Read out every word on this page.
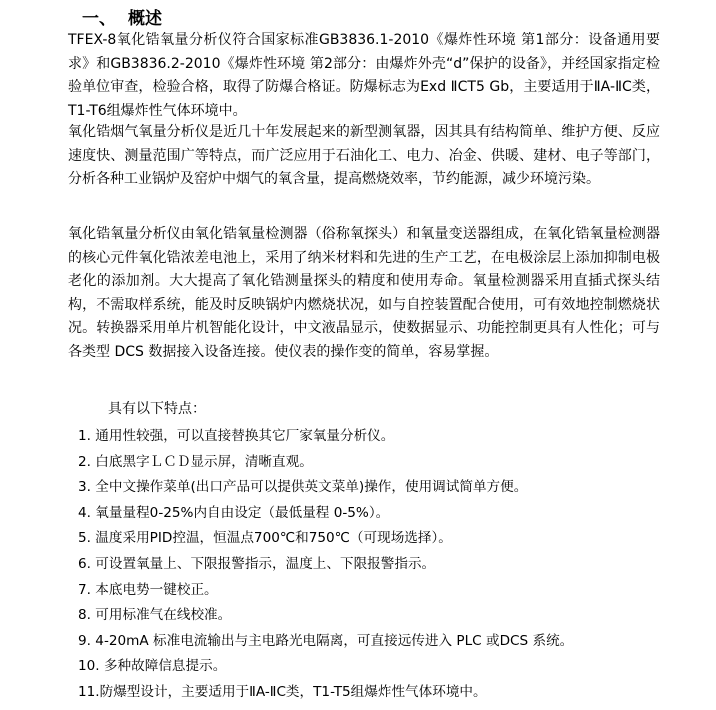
一、 概述

TFEX-8氧化锆氧量分析仪符合国家标准GB3836.1-2010《爆炸性环境 第1部分：设备通用要求》和GB3836.2-2010《爆炸性环境 第2部分：由爆炸外壳“d”保护的设备》，并经国家指定检验单位审查，检验合格，取得了防爆合格证。防爆标志为Exd ⅡCT5 Gb，主要适用于ⅡA-ⅡC类，T1-T6组爆炸性气体环境中。

氧化锆烟气氧量分析仪是近几十年发展起来的新型测氧器，因其具有结构简单、维护方便、反应速度快、测量范围广等特点，而广泛应用于石油化工、电力、冶金、供暖、建材、电子等部门，分析各种工业锅炉及窑炉中烟气的氧含量，提高燃烧效率，节约能源，减少环境污染。

氧化锆氧量分析仪由氧化锆氧量检测器（俗称氧探头）和氧量变送器组成，在氧化锆氧量检测器的核心元件氧化锆浓差电池上，采用了纳米材料和先进的生产工艺，在电极涂层上添加抑制电极老化的添加剂。大大提高了氧化锆测量探头的精度和使用寿命。氧量检测器采用直插式探头结构，不需取样系统，能及时反映锅炉内燃烧状况，如与自控装置配合使用，可有效地控制燃烧状况。转换器采用单片机智能化设计，中文液晶显示，使数据显示、功能控制更具有人性化；可与各类型 DCS 数据接入设备连接。使仪表的操作变的简单，容易掌握。

具有以下特点：
1. 通用性较强，可以直接替换其它厂家氧量分析仪。
2. 白底黑字ＬＣＤ显示屏，清晰直观。
3. 全中文操作菜单(出口产品可以提供英文菜单)操作，使用调试简单方便。
4. 氧量量程0-25%内自由设定（最低量程 0-5%）。
5. 温度采用PID控温，恒温点700℃和750℃（可现场选择）。
6. 可设置氧量上、下限报警指示，温度上、下限报警指示。
7. 本底电势一键校正。
8. 可用标准气在线校准。
9. 4-20mA 标准电流输出与主电路光电隔离，可直接远传进入 PLC 或DCS 系统。
10. 多种故障信息提示。
11.防爆型设计，主要适用于ⅡA-ⅡC类，T1-T5组爆炸性气体环境中。
